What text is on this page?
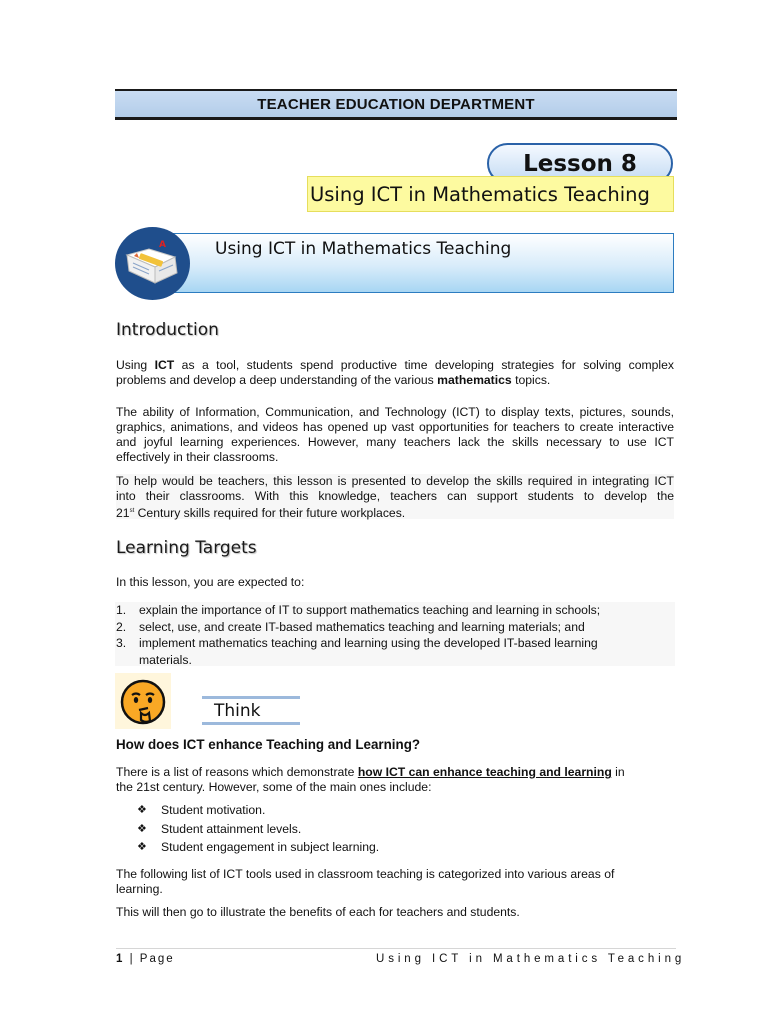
TEACHER EDUCATION DEPARTMENT
Lesson 8
Using ICT in Mathematics Teaching
Using ICT in Mathematics Teaching
A
Introduction
Using ICT as a tool, students spend productive time developing strategies for solving complex
problems and develop a deep understanding of the various mathematics topics.
The ability of Information, Communication, and Technology (ICT) to display texts, pictures, sounds,
graphics, animations, and videos has opened up vast opportunities for teachers to create interactive
and joyful learning experiences. However, many teachers lack the skills necessary to use ICT
effectively in their classrooms.
To help would be teachers, this lesson is presented to develop the skills required in integrating ICT
into their classrooms. With this knowledge, teachers can support students to develop the
21st Century skills required for their future workplaces.
Learning Targets
In this lesson, you are expected to:
1. explain the importance of IT to support mathematics teaching and learning in schools;
2. select, use, and create IT-based mathematics teaching and learning materials; and
3. implement mathematics teaching and learning using the developed IT-based learning
materials.
Think
How does ICT enhance Teaching and Learning?
There is a list of reasons which demonstrate how ICT can enhance teaching and learning in
the 21st century. However, some of the main ones include:
❖ Student motivation.
❖ Student attainment levels.
❖ Student engagement in subject learning.
The following list of ICT tools used in classroom teaching is categorized into various areas of
learning.
This will then go to illustrate the benefits of each for teachers and students.
1 | Page	Using ICT in Mathematics Teaching
